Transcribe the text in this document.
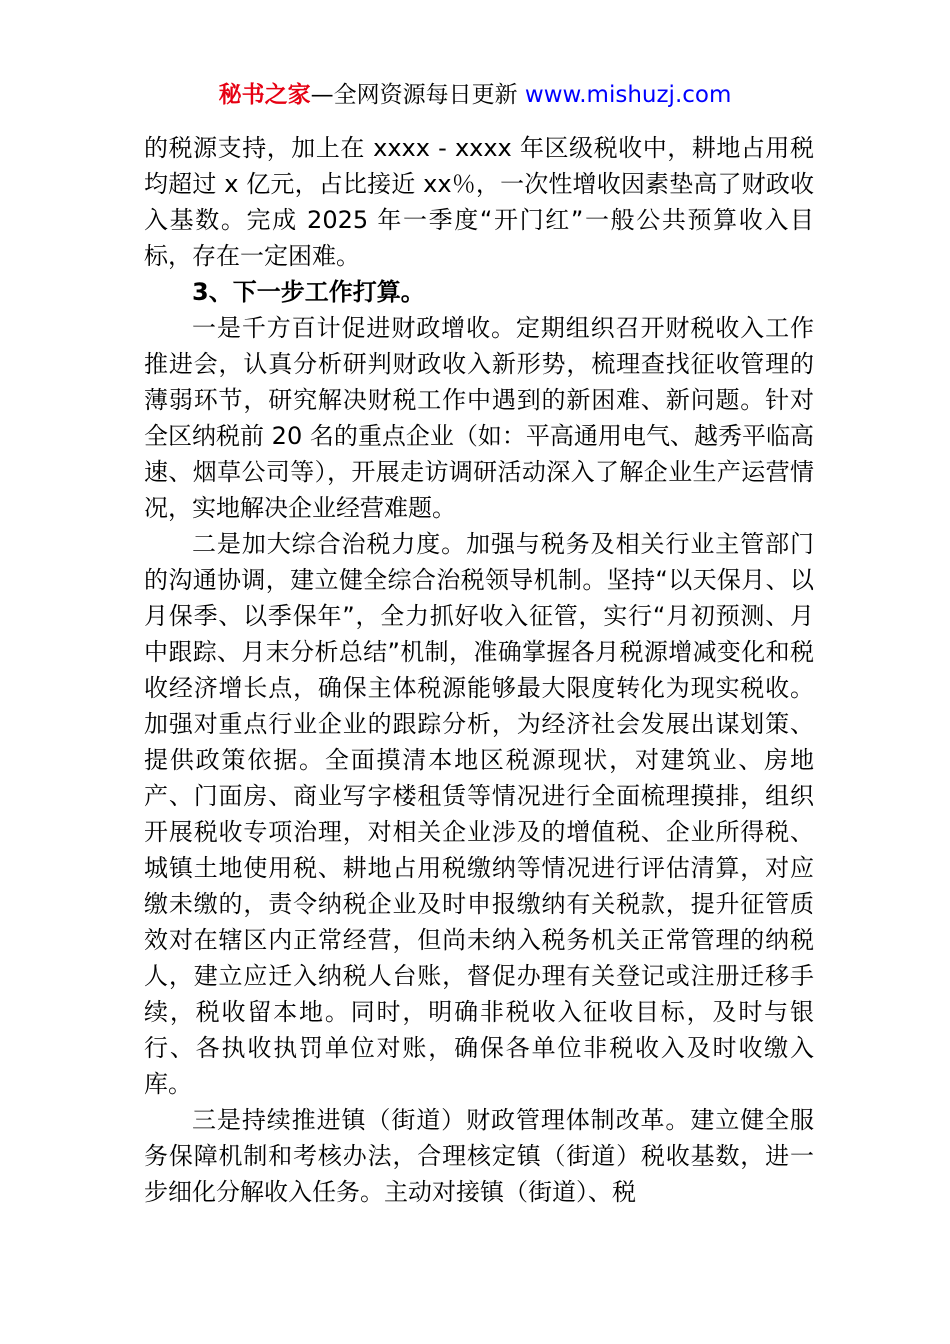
秘书之家—全网资源每日更新 www.mishuzj.com

的税源支持，加上在 xxxx - xxxx 年区级税收中，耕地占用税均超过 x 亿元，占比接近 xx％，一次性增收因素垫高了财政收入基数。完成 2025 年一季度“开门红”一般公共预算收入目标，存在一定困难。

3、下一步工作打算。

一是千方百计促进财政增收。定期组织召开财税收入工作推进会，认真分析研判财政收入新形势，梳理查找征收管理的薄弱环节，研究解决财税工作中遇到的新困难、新问题。针对全区纳税前 20 名的重点企业（如：平高通用电气、越秀平临高速、烟草公司等），开展走访调研活动深入了解企业生产运营情况，实地解决企业经营难题。

二是加大综合治税力度。加强与税务及相关行业主管部门的沟通协调，建立健全综合治税领导机制。坚持“以天保月、以月保季、以季保年”，全力抓好收入征管，实行“月初预测、月中跟踪、月末分析总结”机制，准确掌握各月税源增减变化和税收经济增长点，确保主体税源能够最大限度转化为现实税收。加强对重点行业企业的跟踪分析，为经济社会发展出谋划策、提供政策依据。全面摸清本地区税源现状，对建筑业、房地产、门面房、商业写字楼租赁等情况进行全面梳理摸排，组织开展税收专项治理，对相关企业涉及的增值税、企业所得税、城镇土地使用税、耕地占用税缴纳等情况进行评估清算，对应缴未缴的，责令纳税企业及时申报缴纳有关税款，提升征管质效对在辖区内正常经营，但尚未纳入税务机关正常管理的纳税人，建立应迁入纳税人台账，督促办理有关登记或注册迁移手续，税收留本地。同时，明确非税收入征收目标，及时与银行、各执收执罚单位对账，确保各单位非税收入及时收缴入库。

三是持续推进镇（街道）财政管理体制改革。建立健全服务保障机制和考核办法，合理核定镇（街道）税收基数，进一步细化分解收入任务。主动对接镇（街道）、税
